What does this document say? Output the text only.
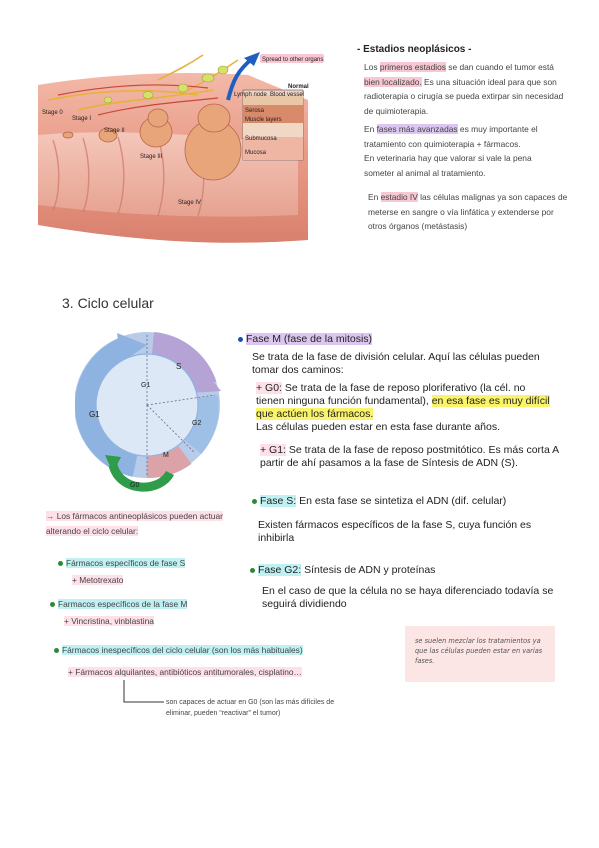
Spread to other organs
Normal
Lymph node Blood vessel
Serosa
Muscle layers
Submucosa
Mucosa
Stage 0
Stage I
Stage II
Stage III
Stage IV
- Estadios neoplásicos -

Los primeros estadios se dan cuando el tumor está bien localizado. Es una situación ideal para que son radioterapia o cirugía se pueda extirpar sin necesidad de quimioterapia.

En fases más avanzadas es muy importante el tratamiento con quimioterapia + fármacos.

En veterinaria hay que valorar si vale la pena someter al animal al tratamiento.

En estadio IV las células malignas ya son capaces de meterse en sangre o vía linfática y extenderse por otros órganos (metástasis)
3. Ciclo celular
S
G1
G1
G2
M
G0
Fase M (fase de la mitosis)
Se trata de la fase de división celular. Aquí las células pueden tomar dos caminos:
+ G0: Se trata de la fase de reposo ploriferativo (la cél. no tienen ninguna función fundamental), en esa fase es muy difícil que actúen los fármacos.
Las células pueden estar en esta fase durante años.
+ G1: Se trata de la fase de reposo postmitótico. Es más corta A partir de ahí pasamos a la fase de Síntesis de ADN (S).
Fase S: En esta fase se sintetiza el ADN (dif. celular)
Existen fármacos específicos de la fase S, cuya función es inhibirla
Fase G2: Síntesis de ADN y proteínas
En el caso de que la célula no se haya diferenciado todavía se seguirá dividiendo
→ Los fármacos antineoplásicos pueden actuar alterando el ciclo celular:
Fármacos específicos de fase S
+ Metotrexato
Farmacos específicos de la fase M
+ Vincristina, vinblastina
Fármacos inespecíficos del ciclo celular (son los más habituales)
+ Fármacos alquilantes, antibióticos antitumorales, cisplatino…
son capaces de actuar en G0 (son las más difíciles de eliminar, pueden “reactivar” el tumor)
se suelen mezclar los tratamientos ya que las células pueden estar en varias fases.
